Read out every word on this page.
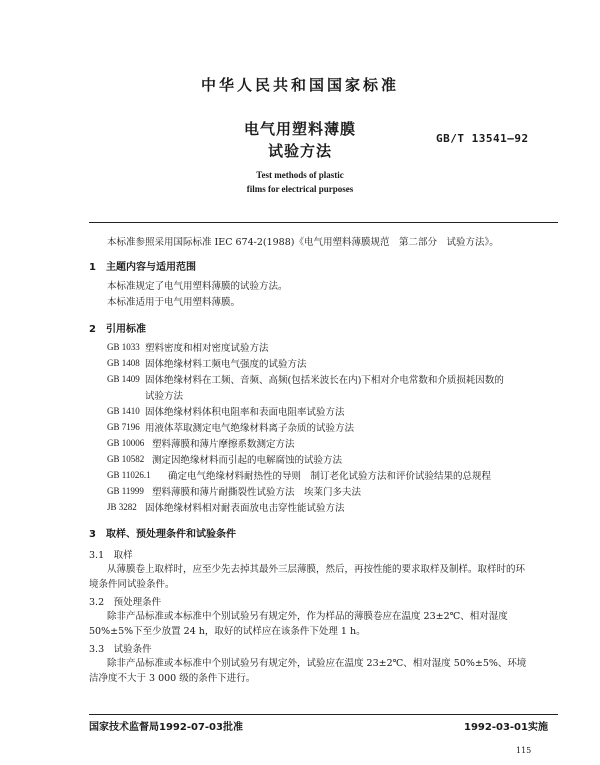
中华人民共和国国家标准
电气用塑料薄膜
试验方法
GB/T 13541—92
Test methods of plastic
films for electrical purposes
本标准参照采用国际标准 IEC 674-2(1988)《电气用塑料薄膜规范　第二部分　试验方法》。
1　主题内容与适用范围
本标准规定了电气用塑料薄膜的试验方法。
本标准适用于电气用塑料薄膜。
2　引用标准
GB 1033 塑料密度和相对密度试验方法
GB 1408 固体绝缘材料工频电气强度的试验方法
GB 1409 固体绝缘材料在工频、音频、高频(包括米波长在内)下相对介电常数和介质损耗因数的
试验方法
GB 1410 固体绝缘材料体积电阻率和表面电阻率试验方法
GB 7196 用液体萃取测定电气绝缘材料离子杂质的试验方法
GB 10006 塑料薄膜和薄片摩擦系数测定方法
GB 10582 测定因绝缘材料而引起的电解腐蚀的试验方法
GB 11026.1 确定电气绝缘材料耐热性的导则　制订老化试验方法和评价试验结果的总规程
GB 11999 塑料薄膜和薄片耐撕裂性试验方法　埃莱门多夫法
JB 3282 固体绝缘材料相对耐表面放电击穿性能试验方法
3　取样、预处理条件和试验条件
3.1　取样
从薄膜卷上取样时，应至少先去掉其最外三层薄膜，然后，再按性能的要求取样及制样。取样时的环
境条件同试验条件。
3.2　预处理条件
除非产品标准或本标准中个别试验另有规定外，作为样品的薄膜卷应在温度 23±2℃、相对湿度
50%±5%下至少放置 24 h，取好的试样应在该条件下处理 1 h。
3.3　试验条件
除非产品标准或本标准中个别试验另有规定外，试验应在温度 23±2℃、相对湿度 50%±5%、环境
洁净度不大于 3 000 级的条件下进行。
国家技术监督局1992-07-03批准	1992-03-01实施
115
